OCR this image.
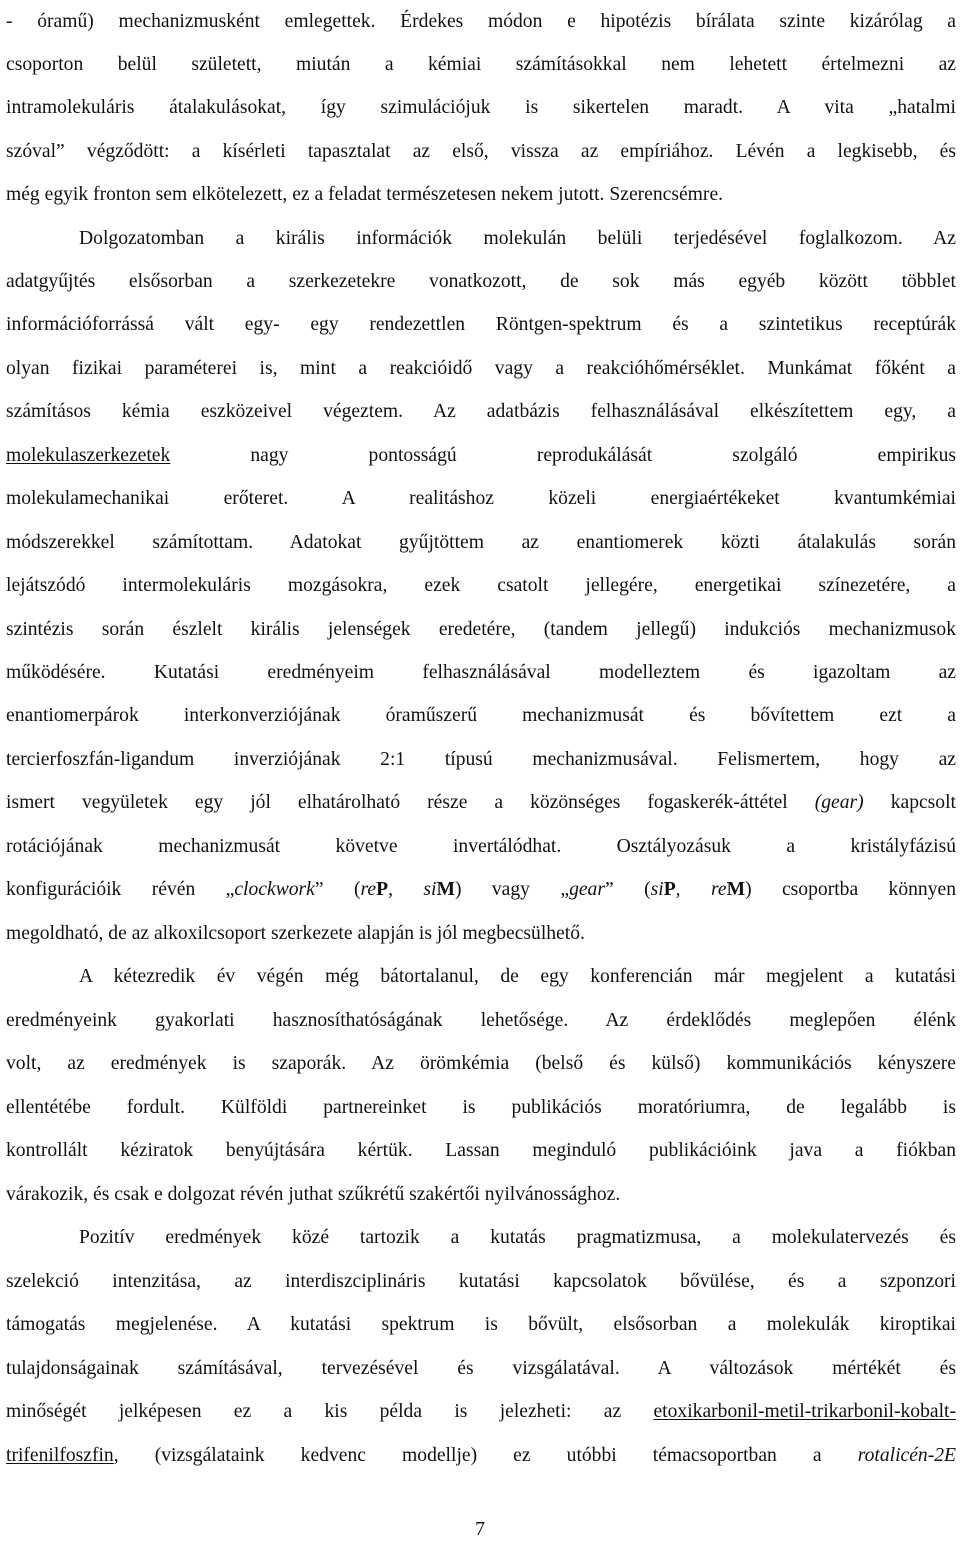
- óramű) mechanizmusként emlegettek. Érdekes módon e hipotézis bírálata szinte kizárólag a
csoporton belül született, miután a kémiai számításokkal nem lehetett értelmezni az
intramolekuláris átalakulásokat, így szimulációjuk is sikertelen maradt. A vita „hatalmi
szóval” végződött: a kísérleti tapasztalat az első, vissza az empíriához. Lévén a legkisebb, és
még egyik fronton sem elkötelezett, ez a feladat természetesen nekem jutott. Szerencsémre.
Dolgozatomban a királis információk molekulán belüli terjedésével foglalkozom. Az
adatgyűjtés elsősorban a szerkezetekre vonatkozott, de sok más egyéb között többlet
információforrássá vált egy- egy rendezettlen Röntgen-spektrum és a szintetikus receptúrák
olyan fizikai paraméterei is, mint a reakcióidő vagy a reakcióhőmérséklet. Munkámat főként a
számításos kémia eszközeivel végeztem. Az adatbázis felhasználásával elkészítettem egy, a
molekulaszerkezetek nagy pontosságú reprodukálását szolgáló empirikus
molekulamechanikai erőteret. A realitáshoz közeli energiaértékeket kvantumkémiai
módszerekkel számítottam. Adatokat gyűjtöttem az enantiomerek közti átalakulás során
lejátszódó intermolekuláris mozgásokra, ezek csatolt jellegére, energetikai színezetére, a
szintézis során észlelt királis jelenségek eredetére, (tandem jellegű) indukciós mechanizmusok
működésére. Kutatási eredményeim felhasználásával modelleztem és igazoltam az
enantiomerpárok interkonverziójának óraműszerű mechanizmusát és bővítettem ezt a
tercierfoszfán-ligandum inverziójának 2:1 típusú mechanizmusával. Felismertem, hogy az
ismert vegyületek egy jól elhatárolható része a közönséges fogaskerék-áttétel (gear) kapcsolt
rotációjának mechanizmusát követve invertálódhat. Osztályozásuk a kristályfázisú
konfigurációik révén „clockwork” (reP, siM) vagy „gear” (siP, reM) csoportba könnyen
megoldható, de az alkoxilcsoport szerkezete alapján is jól megbecsülhető.
A kétezredik év végén még bátortalanul, de egy konferencián már megjelent a kutatási
eredményeink gyakorlati hasznosíthatóságának lehetősége. Az érdeklődés meglepően élénk
volt, az eredmények is szaporák. Az örömkémia (belső és külső) kommunikációs kényszere
ellentétébe fordult. Külföldi partnereinket is publikációs moratóriumra, de legalább is
kontrollált kéziratok benyújtására kértük. Lassan meginduló publikációink java a fiókban
várakozik, és csak e dolgozat révén juthat szűkrétű szakértői nyilvánossághoz.
Pozitív eredmények közé tartozik a kutatás pragmatizmusa, a molekulatervezés és
szelekció intenzitása, az interdiszciplináris kutatási kapcsolatok bővülése, és a szponzori
támogatás megjelenése. A kutatási spektrum is bővült, elsősorban a molekulák kiroptikai
tulajdonságainak számításával, tervezésével és vizsgálatával. A változások mértékét és
minőségét jelképesen ez a kis példa is jelezheti: az etoxikarbonil-metil-trikarbonil-kobalt-
trifenilfoszfin, (vizsgálataink kedvenc modellje) ez utóbbi témacsoportban a rotalicén-2E
7
